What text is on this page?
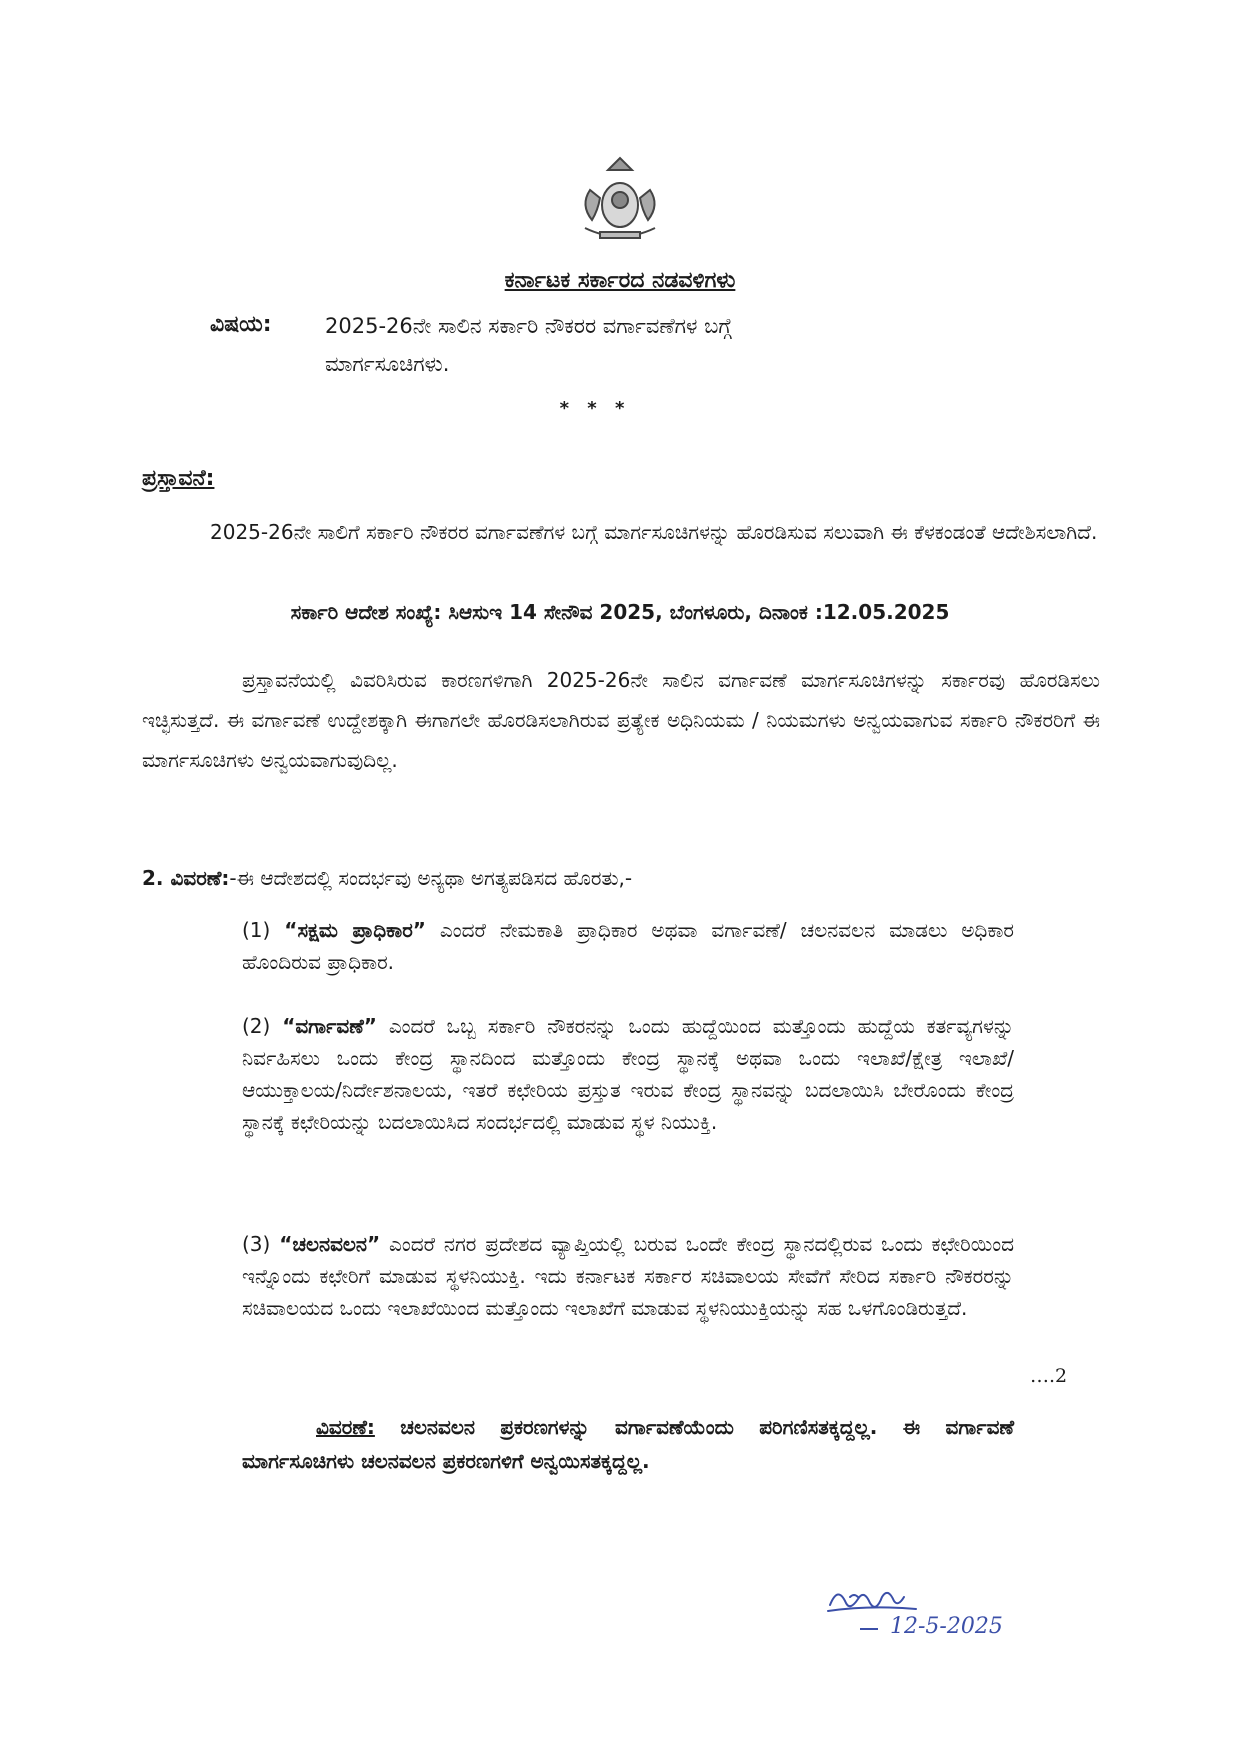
ಕರ್ನಾಟಕ ಸರ್ಕಾರದ ನಡವಳಿಗಳು
ವಿಷಯ:	2025-26ನೇ ಸಾಲಿನ ಸರ್ಕಾರಿ ನೌಕರರ ವರ್ಗಾವಣೆಗಳ ಬಗ್ಗೆ
ಮಾರ್ಗಸೂಚಿಗಳು.
* * *
ಪ್ರಸ್ತಾವನೆ:
2025-26ನೇ ಸಾಲಿಗೆ ಸರ್ಕಾರಿ ನೌಕರರ ವರ್ಗಾವಣೆಗಳ ಬಗ್ಗೆ ಮಾರ್ಗಸೂಚಿಗಳನ್ನು ಹೊರಡಿಸುವ ಸಲುವಾಗಿ ಈ ಕೆಳಕಂಡಂತೆ ಆದೇಶಿಸಲಾಗಿದೆ.
ಸರ್ಕಾರಿ ಆದೇಶ ಸಂಖ್ಯೆ: ಸಿಆಸುಇ 14 ಸೇನೌವ 2025, ಬೆಂಗಳೂರು, ದಿನಾಂಕ :12.05.2025
ಪ್ರಸ್ತಾವನೆಯಲ್ಲಿ ವಿವರಿಸಿರುವ ಕಾರಣಗಳಿಗಾಗಿ 2025-26ನೇ ಸಾಲಿನ ವರ್ಗಾವಣೆ ಮಾರ್ಗಸೂಚಿಗಳನ್ನು ಸರ್ಕಾರವು ಹೊರಡಿಸಲು ಇಚ್ಛಿಸುತ್ತದೆ. ಈ ವರ್ಗಾವಣೆ ಉದ್ದೇಶಕ್ಕಾಗಿ ಈಗಾಗಲೇ ಹೊರಡಿಸಲಾಗಿರುವ ಪ್ರತ್ಯೇಕ ಅಧಿನಿಯಮ / ನಿಯಮಗಳು ಅನ್ವಯವಾಗುವ ಸರ್ಕಾರಿ ನೌಕರರಿಗೆ ಈ ಮಾರ್ಗಸೂಚಿಗಳು ಅನ್ವಯವಾಗುವುದಿಲ್ಲ.
2. ವಿವರಣೆ:-ಈ ಆದೇಶದಲ್ಲಿ ಸಂದರ್ಭವು ಅನ್ಯಥಾ ಅಗತ್ಯಪಡಿಸದ ಹೊರತು,-
(1) “ಸಕ್ಷಮ ಪ್ರಾಧಿಕಾರ” ಎಂದರೆ ನೇಮಕಾತಿ ಪ್ರಾಧಿಕಾರ ಅಥವಾ ವರ್ಗಾವಣೆ/ ಚಲನವಲನ ಮಾಡಲು ಅಧಿಕಾರ ಹೊಂದಿರುವ ಪ್ರಾಧಿಕಾರ.
(2) “ವರ್ಗಾವಣೆ” ಎಂದರೆ ಒಬ್ಬ ಸರ್ಕಾರಿ ನೌಕರನನ್ನು ಒಂದು ಹುದ್ದೆಯಿಂದ ಮತ್ತೊಂದು ಹುದ್ದೆಯ ಕರ್ತವ್ಯಗಳನ್ನು ನಿರ್ವಹಿಸಲು ಒಂದು ಕೇಂದ್ರ ಸ್ಥಾನದಿಂದ ಮತ್ತೊಂದು ಕೇಂದ್ರ ಸ್ಥಾನಕ್ಕೆ ಅಥವಾ ಒಂದು ಇಲಾಖೆ/ಕ್ಷೇತ್ರ ಇಲಾಖೆ/ ಆಯುಕ್ತಾಲಯ/ನಿರ್ದೇಶನಾಲಯ, ಇತರೆ ಕಛೇರಿಯ ಪ್ರಸ್ತುತ ಇರುವ ಕೇಂದ್ರ ಸ್ಥಾನವನ್ನು ಬದಲಾಯಿಸಿ ಬೇರೊಂದು ಕೇಂದ್ರ ಸ್ಥಾನಕ್ಕೆ ಕಛೇರಿಯನ್ನು ಬದಲಾಯಿಸಿದ ಸಂದರ್ಭದಲ್ಲಿ ಮಾಡುವ ಸ್ಥಳ ನಿಯುಕ್ತಿ.
(3) “ಚಲನವಲನ” ಎಂದರೆ ನಗರ ಪ್ರದೇಶದ ವ್ಯಾಪ್ತಿಯಲ್ಲಿ ಬರುವ ಒಂದೇ ಕೇಂದ್ರ ಸ್ಥಾನದಲ್ಲಿರುವ ಒಂದು ಕಛೇರಿಯಿಂದ ಇನ್ನೊಂದು ಕಛೇರಿಗೆ ಮಾಡುವ ಸ್ಥಳನಿಯುಕ್ತಿ. ಇದು ಕರ್ನಾಟಕ ಸರ್ಕಾರ ಸಚಿವಾಲಯ ಸೇವೆಗೆ ಸೇರಿದ ಸರ್ಕಾರಿ ನೌಕರರನ್ನು ಸಚಿವಾಲಯದ ಒಂದು ಇಲಾಖೆಯಿಂದ ಮತ್ತೊಂದು ಇಲಾಖೆಗೆ ಮಾಡುವ ಸ್ಥಳನಿಯುಕ್ತಿಯನ್ನು ಸಹ ಒಳಗೊಂಡಿರುತ್ತದೆ.
ವಿವರಣೆ: ಚಲನವಲನ ಪ್ರಕರಣಗಳನ್ನು ವರ್ಗಾವಣೆಯೆಂದು ಪರಿಗಣಿಸತಕ್ಕದ್ದಲ್ಲ. ಈ ವರ್ಗಾವಣೆ ಮಾರ್ಗಸೂಚಿಗಳು ಚಲನವಲನ ಪ್ರಕರಣಗಳಿಗೆ ಅನ್ವಯಿಸತಕ್ಕದ್ದಲ್ಲ.
….2
12-5-2025
